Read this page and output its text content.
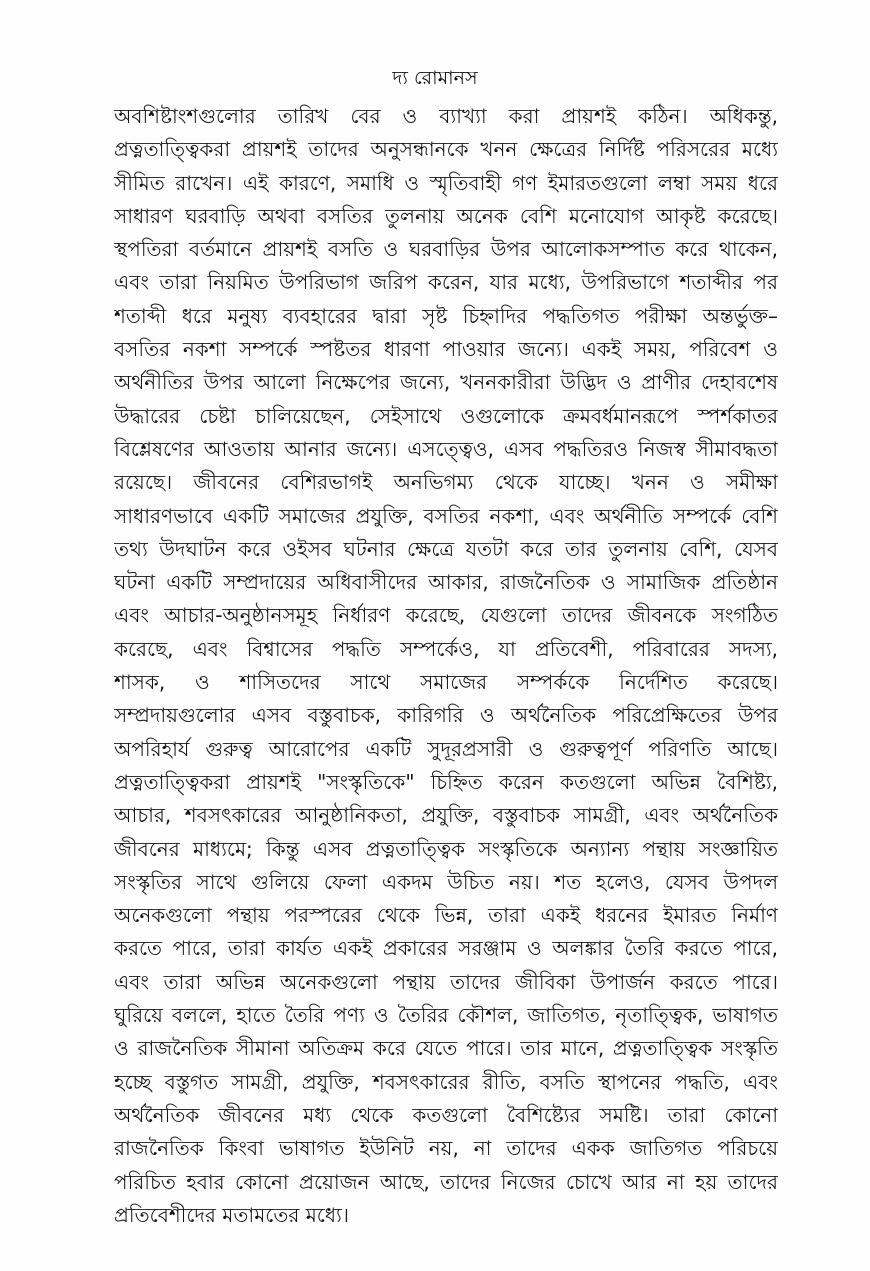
দ্য রোমানস
অবশিষ্টাংশগুলোর তারিখ বের ও ব্যাখ্যা করা প্রায়শই কঠিন। অধিকন্তু,
প্রত্নতাত্ত্বিকরা প্রায়শই তাদের অনুসন্ধানকে খনন ক্ষেত্রের নির্দিষ্ট পরিসরের মধ্যে
সীমিত রাখেন। এই কারণে, সমাধি ও স্মৃতিবাহী গণ ইমারতগুলো লম্বা সময় ধরে
সাধারণ ঘরবাড়ি অথবা বসতির তুলনায় অনেক বেশি মনোযোগ আকৃষ্ট করেছে।
স্থপতিরা বর্তমানে প্রায়শই বসতি ও ঘরবাড়ির উপর আলোকসম্পাত করে থাকেন,
এবং তারা নিয়মিত উপরিভাগ জরিপ করেন, যার মধ্যে, উপরিভাগে শতাব্দীর পর
শতাব্দী ধরে মনুষ্য ব্যবহারের দ্বারা সৃষ্ট চিহ্নাদির পদ্ধতিগত পরীক্ষা অন্তর্ভুক্ত–
বসতির নকশা সম্পর্কে স্পষ্টতর ধারণা পাওয়ার জন্যে। একই সময়, পরিবেশ ও
অর্থনীতির উপর আলো নিক্ষেপের জন্যে, খননকারীরা উদ্ভিদ ও প্রাণীর দেহাবশেষ
উদ্ধারের চেষ্টা চালিয়েছেন, সেইসাথে ওগুলোকে ক্রমবর্ধমানরূপে স্পর্শকাতর
বিশ্লেষণের আওতায় আনার জন্যে। এসত্ত্বেও, এসব পদ্ধতিরও নিজস্ব সীমাবদ্ধতা
রয়েছে। জীবনের বেশিরভাগই অনভিগম্য থেকে যাচ্ছে। খনন ও সমীক্ষা
সাধারণভাবে একটি সমাজের প্রযুক্তি, বসতির নকশা, এবং অর্থনীতি সম্পর্কে বেশি
তথ্য উদঘাটন করে ওইসব ঘটনার ক্ষেত্রে যতটা করে তার তুলনায় বেশি, যেসব
ঘটনা একটি সম্প্রদায়ের অধিবাসীদের আকার, রাজনৈতিক ও সামাজিক প্রতিষ্ঠান
এবং আচার-অনুষ্ঠানসমূহ নির্ধারণ করেছে, যেগুলো তাদের জীবনকে সংগঠিত
করেছে, এবং বিশ্বাসের পদ্ধতি সম্পর্কেও, যা প্রতিবেশী, পরিবারের সদস্য,
শাসক, ও শাসিতদের সাথে সমাজের সম্পর্ককে নির্দেশিত করেছে।
সম্প্রদায়গুলোর এসব বস্তুবাচক, কারিগরি ও অর্থনৈতিক পরিপ্রেক্ষিতের উপর
অপরিহার্য গুরুত্ব আরোপের একটি সুদূরপ্রসারী ও গুরুত্বপূর্ণ পরিণতি আছে।
প্রত্নতাত্ত্বিকরা প্রায়শই "সংস্কৃতিকে" চিহ্নিত করেন কতগুলো অভিন্ন বৈশিষ্ট্য,
আচার, শবসৎকারের আনুষ্ঠানিকতা, প্রযুক্তি, বস্তুবাচক সামগ্রী, এবং অর্থনৈতিক
জীবনের মাধ্যমে; কিন্তু এসব প্রত্নতাত্ত্বিক সংস্কৃতিকে অন্যান্য পন্থায় সংজ্ঞায়িত
সংস্কৃতির সাথে গুলিয়ে ফেলা একদম উচিত নয়। শত হলেও, যেসব উপদল
অনেকগুলো পন্থায় পরস্পরের থেকে ভিন্ন, তারা একই ধরনের ইমারত নির্মাণ
করতে পারে, তারা কার্যত একই প্রকারের সরঞ্জাম ও অলঙ্কার তৈরি করতে পারে,
এবং তারা অভিন্ন অনেকগুলো পন্থায় তাদের জীবিকা উপার্জন করতে পারে।
ঘুরিয়ে বললে, হাতে তৈরি পণ্য ও তৈরির কৌশল, জাতিগত, নৃতাত্ত্বিক, ভাষাগত
ও রাজনৈতিক সীমানা অতিক্রম করে যেতে পারে। তার মানে, প্রত্নতাত্ত্বিক সংস্কৃতি
হচ্ছে বস্তুগত সামগ্রী, প্রযুক্তি, শবসৎকারের রীতি, বসতি স্থাপনের পদ্ধতি, এবং
অর্থনৈতিক জীবনের মধ্য থেকে কতগুলো বৈশিষ্ট্যের সমষ্টি। তারা কোনো
রাজনৈতিক কিংবা ভাষাগত ইউনিট নয়, না তাদের একক জাতিগত পরিচয়ে
পরিচিত হবার কোনো প্রয়োজন আছে, তাদের নিজের চোখে আর না হয় তাদের
প্রতিবেশীদের মতামতের মধ্যে।
